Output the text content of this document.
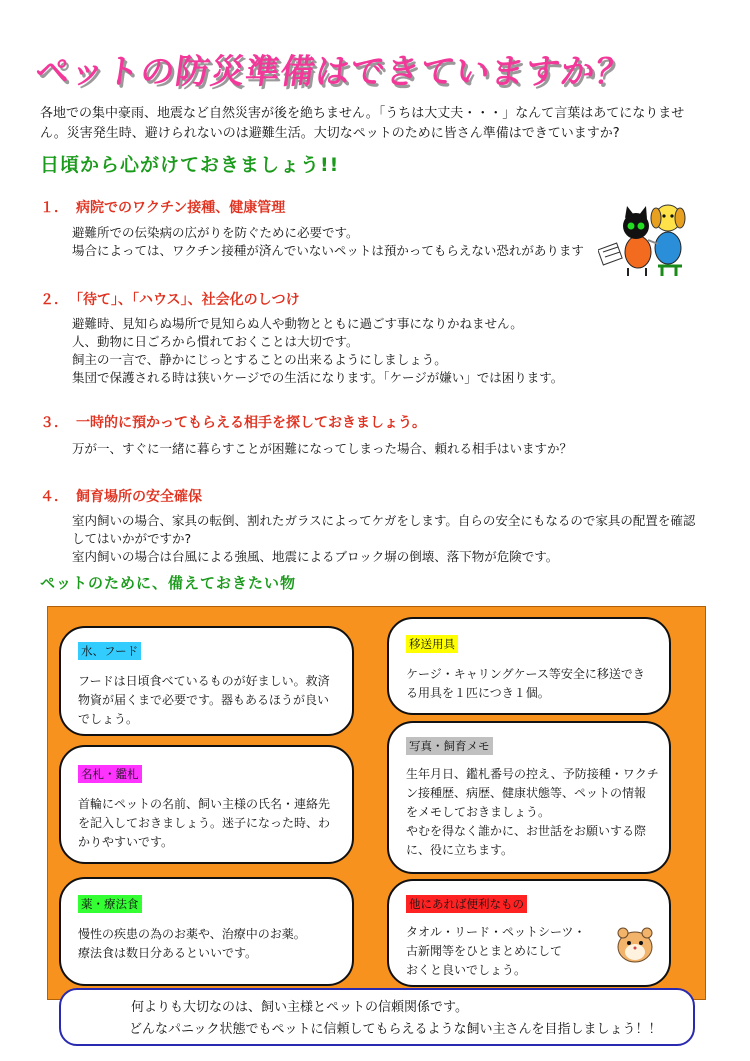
ペットの防災準備はできていますか？
各地での集中豪雨、地震など自然災害が後を絶ちません。「うちは大丈夫・・・」なんて言葉はあてになりませ
ん。災害発生時、避けられないのは避難生活。大切なペットのために皆さん準備はできていますか?
日頃から心がけておきましょう!!
１． 病院でのワクチン接種、健康管理
避難所での伝染病の広がりを防ぐために必要です。
場合によっては、ワクチン接種が済んでいないペットは預かってもらえない恐れがあります
２． 「待て」、「ハウス」、社会化のしつけ
避難時、見知らぬ場所で見知らぬ人や動物とともに過ごす事になりかねません。
人、動物に日ごろから慣れておくことは大切です。
飼主の一言で、静かにじっとすることの出来るようにしましょう。
集団で保護される時は狭いケージでの生活になります。「ケージが嫌い」では困ります。
３． 一時的に預かってもらえる相手を探しておきましょう。
万が一、すぐに一緒に暮らすことが困難になってしまった場合、頼れる相手はいますか？
４． 飼育場所の安全確保
室内飼いの場合、家具の転倒、割れたガラスによってケガをします。自らの安全にもなるので家具の配置を確認
してはいかがですか?
室内飼いの場合は台風による強風、地震によるブロック塀の倒壊、落下物が危険です。
ペットのために、備えておきたい物
水、フード
フードは日頃食べているものが好ましい。救済
物資が届くまで必要です。器もあるほうが良い
でしょう。
移送用具
ケージ・キャリングケース等安全に移送でき
る用具を１匹につき１個。
写真・飼育メモ
生年月日、鑑札番号の控え、予防接種・ワクチ
ン接種歴、病歴、健康状態等、ペットの情報
をメモしておきましょう。
やむを得なく誰かに、お世話をお願いする際
に、役に立ちます。
名札・鑑札
首輪にペットの名前、飼い主様の氏名・連絡先
を記入しておきましょう。迷子になった時、わ
かりやすいです。
薬・療法食
慢性の疾患の為のお薬や、治療中のお薬。
療法食は数日分あるといいです。
他にあれば便利なもの
タオル・リード・ペットシーツ・
古新聞等をひとまとめにして
おくと良いでしょう。
何よりも大切なのは、飼い主様とペットの信頼関係です。
どんなパニック状態でもペットに信頼してもらえるような飼い主さんを目指しましょう！！
